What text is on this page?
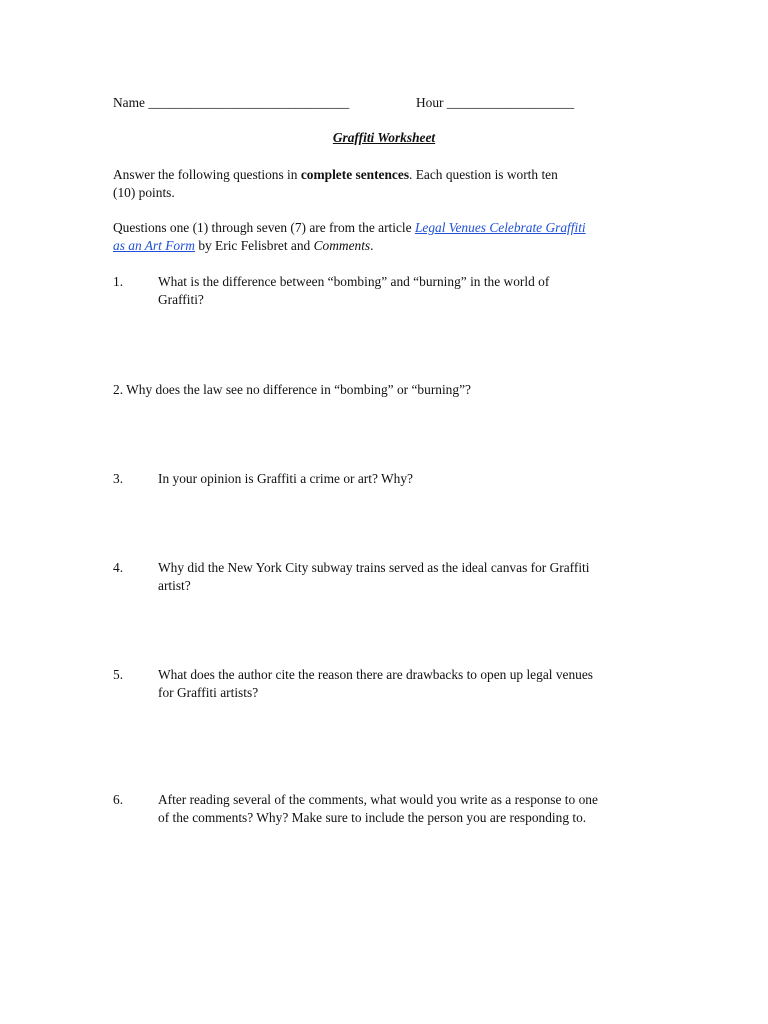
Name ______________________________	Hour ___________________
Graffiti Worksheet
Answer the following questions in complete sentences. Each question is worth ten
(10) points.
Questions one (1) through seven (7) are from the article Legal Venues Celebrate Graffiti
as an Art Form by Eric Felisbret and Comments.
1.	What is the difference between “bombing” and “burning” in the world of
Graffiti?
2. Why does the law see no difference in “bombing” or “burning”?
3.	In your opinion is Graffiti a crime or art? Why?
4.	Why did the New York City subway trains served as the ideal canvas for Graffiti
artist?
5.	What does the author cite the reason there are drawbacks to open up legal venues
for Graffiti artists?
6.	After reading several of the comments, what would you write as a response to one
of the comments? Why? Make sure to include the person you are responding to.
